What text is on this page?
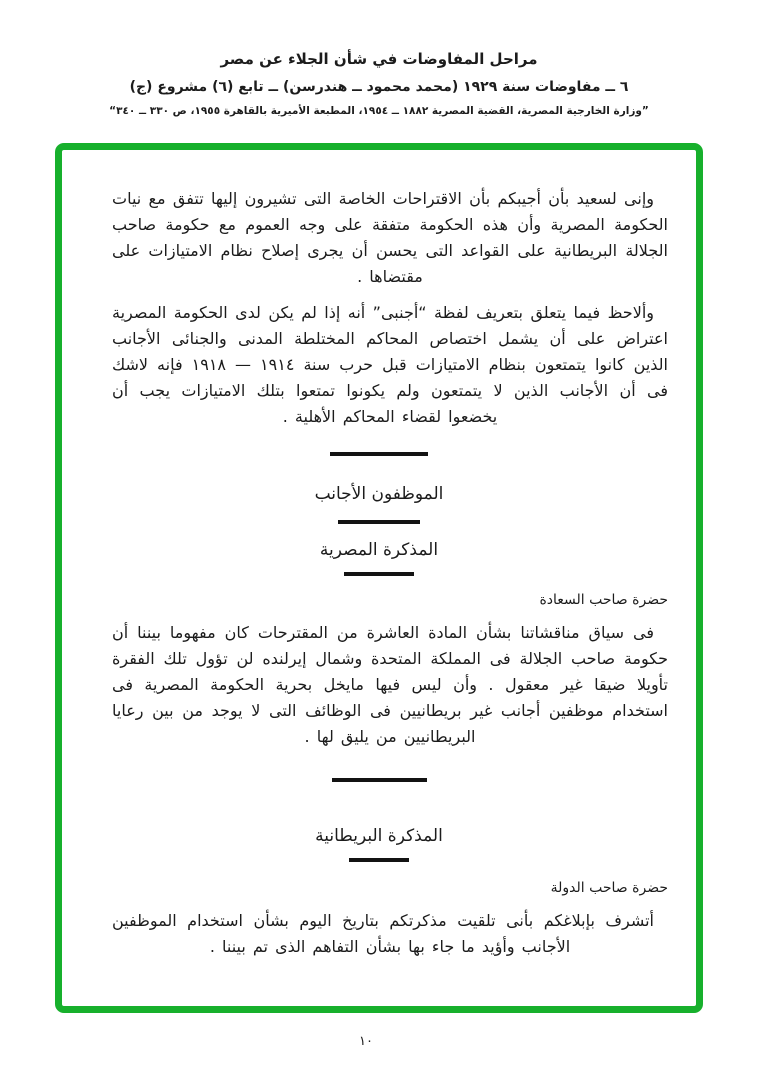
مراحل المفاوضات في شأن الجلاء عن مصر
٦ ــ مفاوضات سنة ١٩٢٩ (محمد محمود ــ هندرسن) ــ تابع (٦) مشروع (ج)
”وزارة الخارجية المصرية، القضية المصرية ١٨٨٢ ــ ١٩٥٤، المطبعة الأميرية بالقاهرة ١٩٥٥، ص ٣٣٠ ــ ٣٤٠“

وإنى لسعيد بأن أجيبكم بأن الاقتراحات الخاصة التى تشيرون إليها تتفق مع نيات الحكومة المصرية وأن هذه الحكومة متفقة على وجه العموم مع حكومة صاحب الجلالة البريطانية على القواعد التى يحسن أن يجرى إصلاح نظام الامتيازات على مقتضاها .

وألاحظ فيما يتعلق بتعريف لفظة “أجنبى” أنه إذا لم يكن لدى الحكومة المصرية اعتراض على أن يشمل اختصاص المحاكم المختلطة المدنى والجنائى الأجانب الذين كانوا يتمتعون بنظام الامتيازات قبل حرب سنة ١٩١٤ — ١٩١٨ فإنه لاشك فى أن الأجانب الذين لا يتمتعون ولم يكونوا تمتعوا بتلك الامتيازات يجب أن يخضعوا لقضاء المحاكم الأهلية .

الموظفون الأجانب
المذكرة المصرية
حضرة صاحب السعادة

فى سياق مناقشاتنا بشأن المادة العاشرة من المقترحات كان مفهوما بيننا أن حكومة صاحب الجلالة فى المملكة المتحدة وشمال إيرلنده لن تؤول تلك الفقرة تأويلا ضيقا غير معقول . وأن ليس فيها مايخل بحرية الحكومة المصرية فى استخدام موظفين أجانب غير بريطانيين فى الوظائف التى لا يوجد من بين رعايا البريطانيين من يليق لها .

المذكرة البريطانية
حضرة صاحب الدولة

أتشرف بإبلاغكم بأنى تلقيت مذكرتكم بتاريخ اليوم بشأن استخدام الموظفين الأجانب وأؤيد ما جاء بها بشأن التفاهم الذى تم بيننا .

١٠
